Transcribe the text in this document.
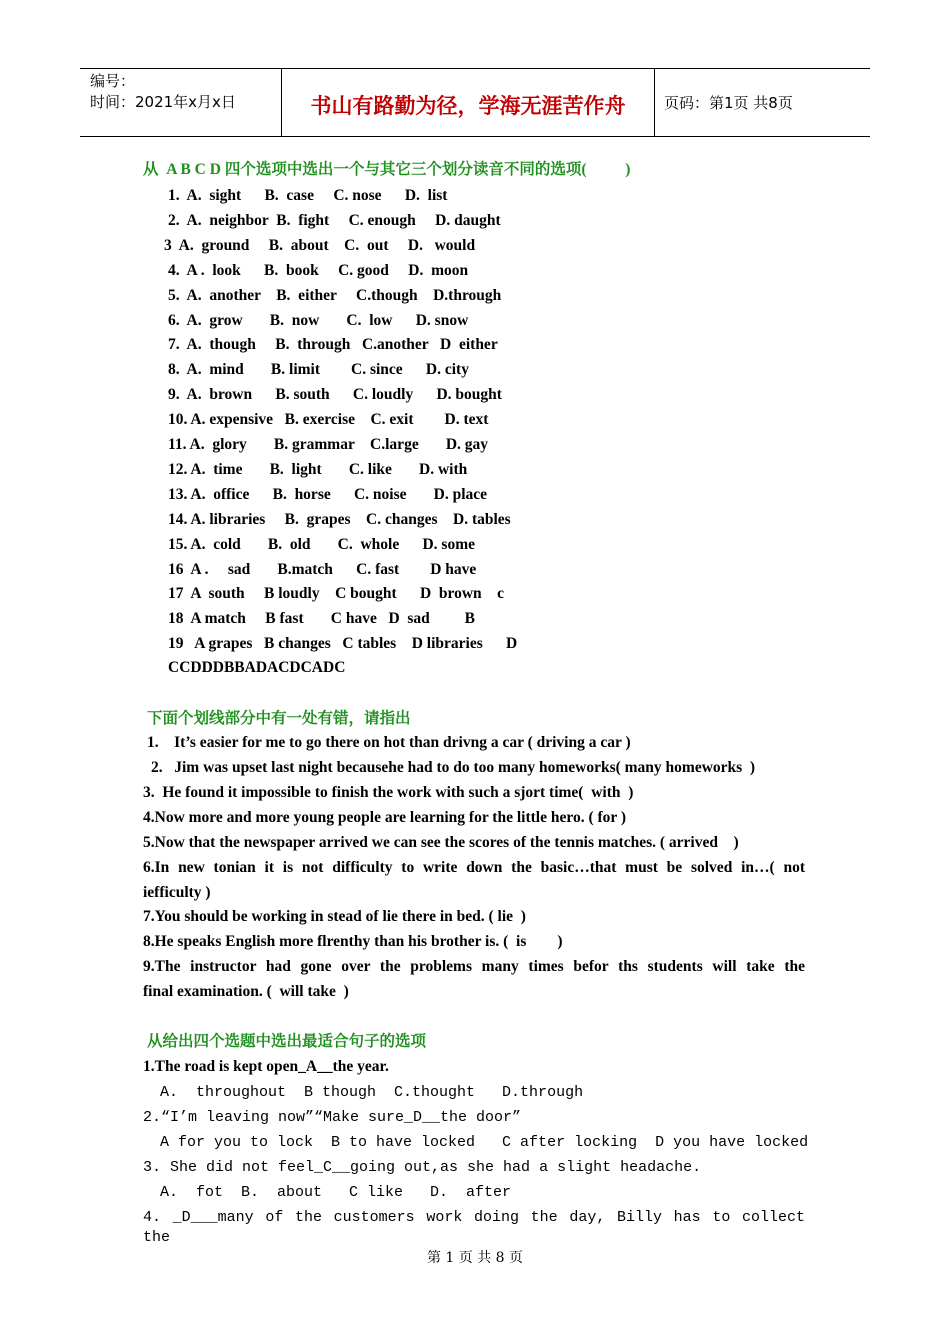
编号：
时间：2021年x月x日	书山有路勤为径，学海无涯苦作舟	页码：第1页 共8页
从  A B C D 四个选项中选出一个与其它三个划分读音不同的选项(          )
1.  A.  sight      B.  case     C. nose      D.  list
2.  A.  neighbor  B.  fight     C. enough     D. daught
3  A.  ground     B.  about    C.  out     D.   would
4.  A .  look      B.  book     C. good     D.  moon
5.  A.  another    B.  either     C.though    D.through
6.  A.  grow       B.  now       C.  low      D. snow
7.  A.  though     B.  through   C.another   D  either
8.  A.  mind       B. limit        C. since      D. city
9.  A.  brown      B. south      C. loudly      D. bought
10. A. expensive   B. exercise    C. exit        D. text
11. A.  glory       B. grammar    C.large       D. gay
12. A.  time       B.  light       C. like       D. with
13. A.  office      B.  horse      C. noise       D. place
14. A. libraries     B.  grapes    C. changes    D. tables
15. A.  cold       B.  old       C.  whole      D. some
16  A .     sad       B.match      C. fast        D have
17  A  south     B loudly    C bought      D  brown    c
18  A match     B fast       C have   D  sad         B
19   A grapes   B changes   C tables    D libraries      D
CCDDDBBADACDCADC
下面个划线部分中有一处有错，请指出
1.    It’s easier for me to go there on hot than drivng a car ( driving a car )
2.   Jim was upset last night becausehe had to do too many homeworks( many homeworks  )
3.  He found it impossible to finish the work with such a sjort time(  with  )
4.Now more and more young people are learning for the little hero. ( for )
5.Now that the newspaper arrived we can see the scores of the tennis matches. ( arrived    )
6.In new tonian it is not difficulty to write down the basic…that must be solved in…( not
iefficulty )
7.You should be working in stead of lie there in bed. ( lie  )
8.He speaks English more flrenthy than his brother is. (  is        )
9.The instructor had gone over the problems many times befor ths students will take the
final examination. (  will take  )
从给出四个选题中选出最适合句子的选项
1.The road is kept open_A__the year.
A.  throughout  B though  C.thought   D.through
2.“I’m leaving now”“Make sure_D__the door”
A for you to lock  B to have locked   C after locking  D you have locked
3. She did not feel_C__going out,as she had a slight headache.
A.  fot  B.  about   C like   D.  after
4. _D___many of the customers work doing the day, Billy has to collect the
第 1 页 共 8 页
